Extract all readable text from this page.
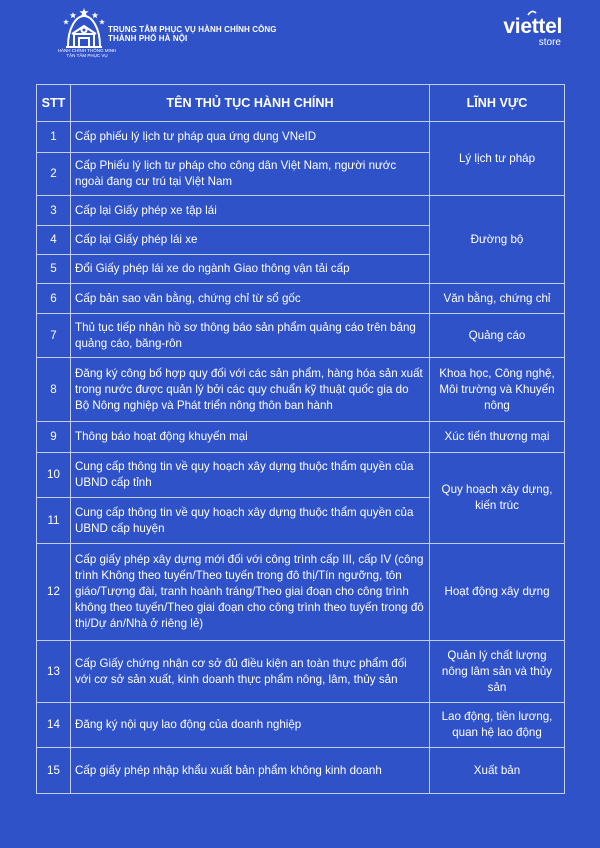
TRUNG TÂM PHỤC VỤ HÀNH CHÍNH CÔNG
THÀNH PHỐ HÀ NỘI
HÀNH CHÍNH THÔNG MINH
TẬN TÂM PHỤC VỤ
viettel
store
STT	TÊN THỦ TỤC HÀNH CHÍNH	LĨNH VỰC
1	Cấp phiếu lý lịch tư pháp qua ứng dụng VNeID	Lý lịch tư pháp
2	Cấp Phiếu lý lịch tư pháp cho công dân Việt Nam, người nước ngoài đang cư trú tại Việt Nam	
3	Cấp lại Giấy phép xe tập lái	Đường bộ
4	Cấp lại Giấy phép lái xe	
5	Đổi Giấy phép lái xe do ngành Giao thông vận tải cấp	
6	Cấp bản sao văn bằng, chứng chỉ từ sổ gốc	Văn bằng, chứng chỉ
7	Thủ tục tiếp nhận hồ sơ thông báo sản phẩm quảng cáo trên bảng quảng cáo, băng-rôn	Quảng cáo
8	Đăng ký công bố hợp quy đối với các sản phẩm, hàng hóa sản xuất trong nước được quản lý bởi các quy chuẩn kỹ thuật quốc gia do Bộ Nông nghiệp và Phát triển nông thôn ban hành	Khoa học, Công nghệ, Môi trường và Khuyến nông
9	Thông báo hoạt động khuyến mại	Xúc tiến thương mại
10	Cung cấp thông tin về quy hoạch xây dựng thuộc thẩm quyền của UBND cấp tỉnh	Quy hoạch xây dựng, kiến trúc
11	Cung cấp thông tin về quy hoạch xây dựng thuộc thẩm quyền của UBND cấp huyện	
12	Cấp giấy phép xây dựng mới đối với công trình cấp III, cấp IV (công trình Không theo tuyến/Theo tuyến trong đô thị/Tín ngưỡng, tôn giáo/Tượng đài, tranh hoành tráng/Theo giai đoạn cho công trình không theo tuyến/Theo giai đoạn cho công trình theo tuyến trong đô thị/Dự án/Nhà ở riêng lẻ)	Hoạt động xây dựng
13	Cấp Giấy chứng nhận cơ sở đủ điều kiện an toàn thực phẩm đối với cơ sở sản xuất, kinh doanh thực phẩm nông, lâm, thủy sản	Quản lý chất lượng nông lâm sản và thủy sản
14	Đăng ký nội quy lao động của doanh nghiệp	Lao động, tiền lương, quan hệ lao động
15	Cấp giấy phép nhập khẩu xuất bản phẩm không kinh doanh	Xuất bản
